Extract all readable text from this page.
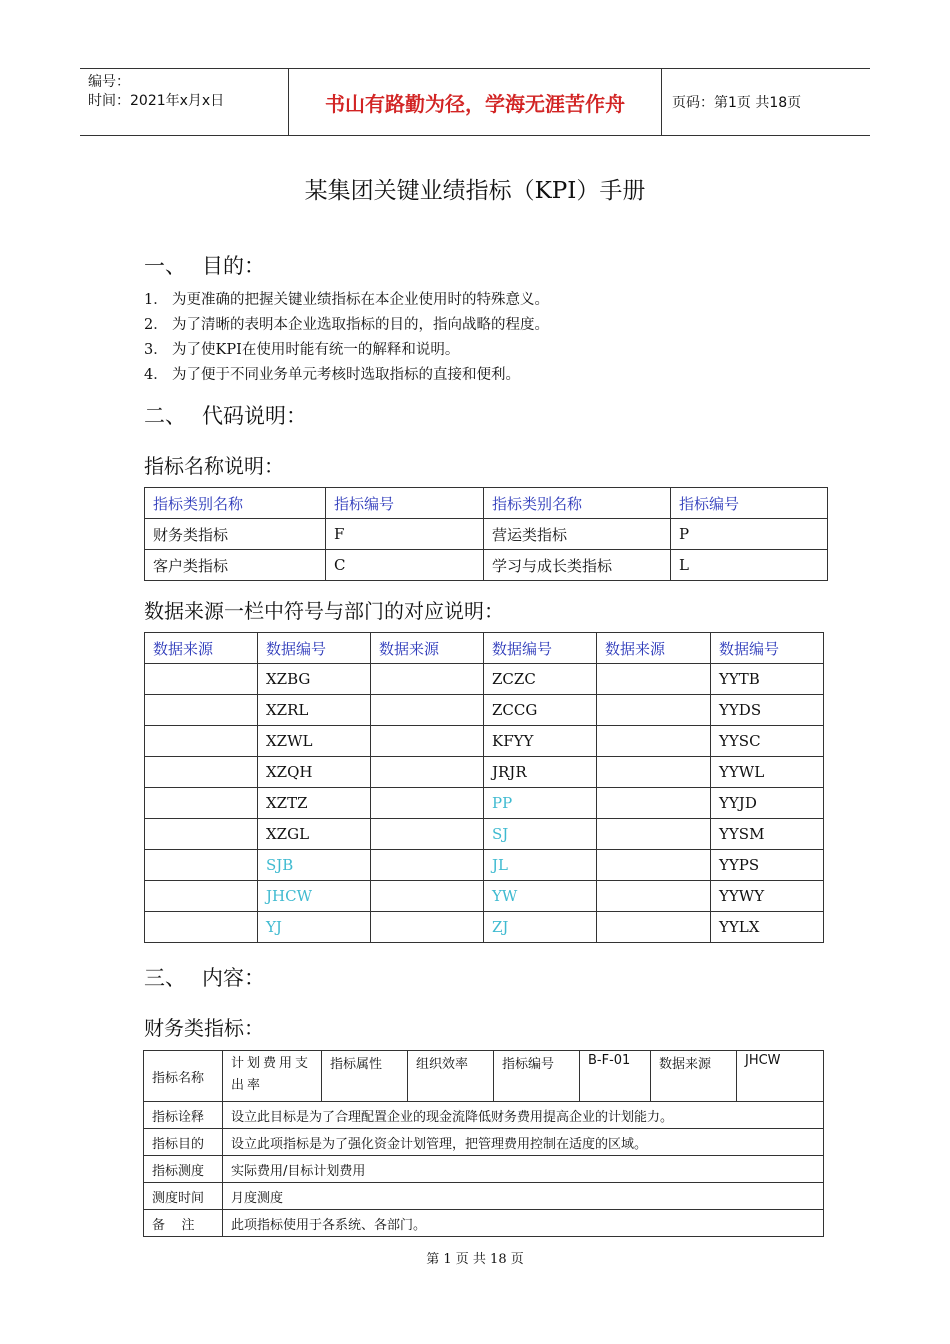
编号：
时间：2021年x月x日	书山有路勤为径，学海无涯苦作舟	页码：第1页 共18页
某集团关键业绩指标（KPI）手册
一、 目的：
1． 为更准确的把握关键业绩指标在本企业使用时的特殊意义。
2． 为了清晰的表明本企业选取指标的目的，指向战略的程度。
3． 为了使KPI在使用时能有统一的解释和说明。
4． 为了便于不同业务单元考核时选取指标的直接和便利。
二、 代码说明：
指标名称说明：
指标类别名称	指标编号	指标类别名称	指标编号
财务类指标	F	营运类指标	P
客户类指标	C	学习与成长类指标	L
数据来源一栏中符号与部门的对应说明：
数据来源	数据编号	数据来源	数据编号	数据来源	数据编号
	XZBG		ZCZC		YYTB
	XZRL		ZCCG		YYDS
	XZWL		KFYY		YYSC
	XZQH		JRJR		YYWL
	XZTZ		PP		YYJD
	XZGL		SJ		YYSM
	SJB		JL		YYPS
	JHCW		YW		YYWY
	YJ		ZJ		YYLX
三、 内容：
财务类指标：
指标名称	计划费用支出率	指标属性	组织效率	指标编号	B-F-01	数据来源	JHCW
指标诠释	设立此目标是为了合理配置企业的现金流降低财务费用提高企业的计划能力。						
指标目的	设立此项指标是为了强化资金计划管理，把管理费用控制在适度的区域。						
指标测度	实际费用/目标计划费用						
测度时间	月度测度						
备    注	此项指标使用于各系统、各部门。						
第 1 页 共 18 页
